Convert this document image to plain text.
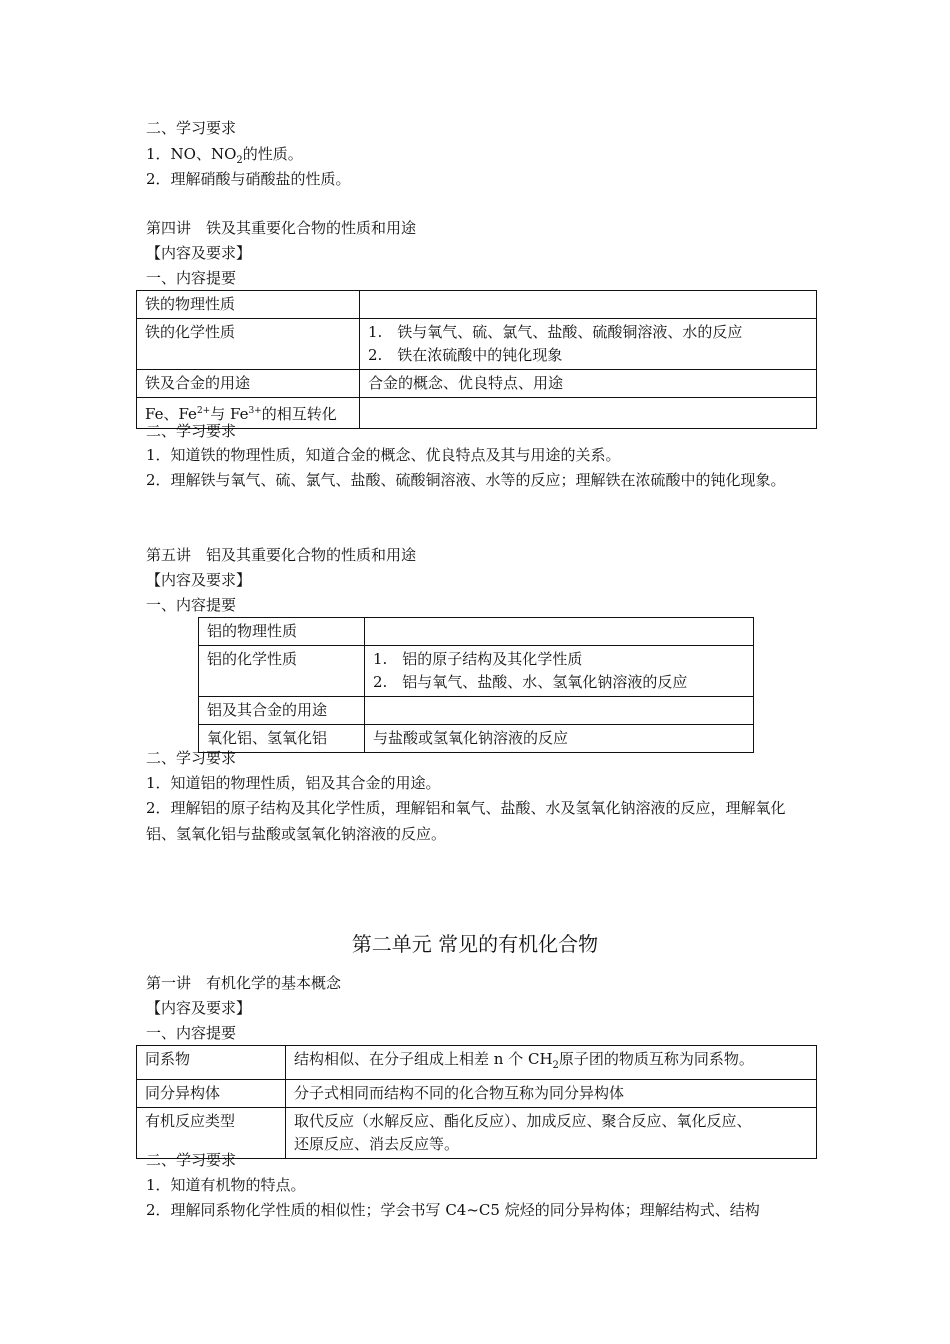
二、学习要求
1．NO、$NO_2$的性质。
2．理解硝酸与硝酸盐的性质。
第四讲　铁及其重要化合物的性质和用途
【内容及要求】
一、内容提要
铁的物理性质	
铁的化学性质	1.　铁与氧气、硫、氯气、盐酸、硫酸铜溶液、水的反应
2.　铁在浓硫酸中的钝化现象

铁及合金的用途	合金的概念、优良特点、用途
Fe、$Fe^{2+}$与 $Fe^{3+}$的相互转化	
二、学习要求
1．知道铁的物理性质，知道合金的概念、优良特点及其与用途的关系。
2．理解铁与氧气、硫、氯气、盐酸、硫酸铜溶液、水等的反应；理解铁在浓硫酸中的钝化现象。
第五讲　铝及其重要化合物的性质和用途
【内容及要求】
一、内容提要
铝的物理性质	
铝的化学性质	1.　铝的原子结构及其化学性质
2.　铝与氧气、盐酸、水、氢氧化钠溶液的反应

铝及其合金的用途	
氧化铝、氢氧化铝	与盐酸或氢氧化钠溶液的反应
二、学习要求
1．知道铝的物理性质，铝及其合金的用途。
2．理解铝的原子结构及其化学性质，理解铝和氧气、盐酸、水及氢氧化钠溶液的反应，理解氧化铝、氢氧化铝与盐酸或氢氧化钠溶液的反应。
第二单元 常见的有机化合物
第一讲　有机化学的基本概念
【内容及要求】
一、内容提要
同系物	结构相似、在分子组成上相差 n 个 $CH_2$原子团的物质互称为同系物。
同分异构体	分子式相同而结构不同的化合物互称为同分异构体
有机反应类型	取代反应（水解反应、酯化反应）、加成反应、聚合反应、氧化反应、
还原反应、消去反应等。
二、学习要求
1．知道有机物的特点。
2．理解同系物化学性质的相似性；学会书写 C4~C5 烷烃的同分异构体；理解结构式、结构
